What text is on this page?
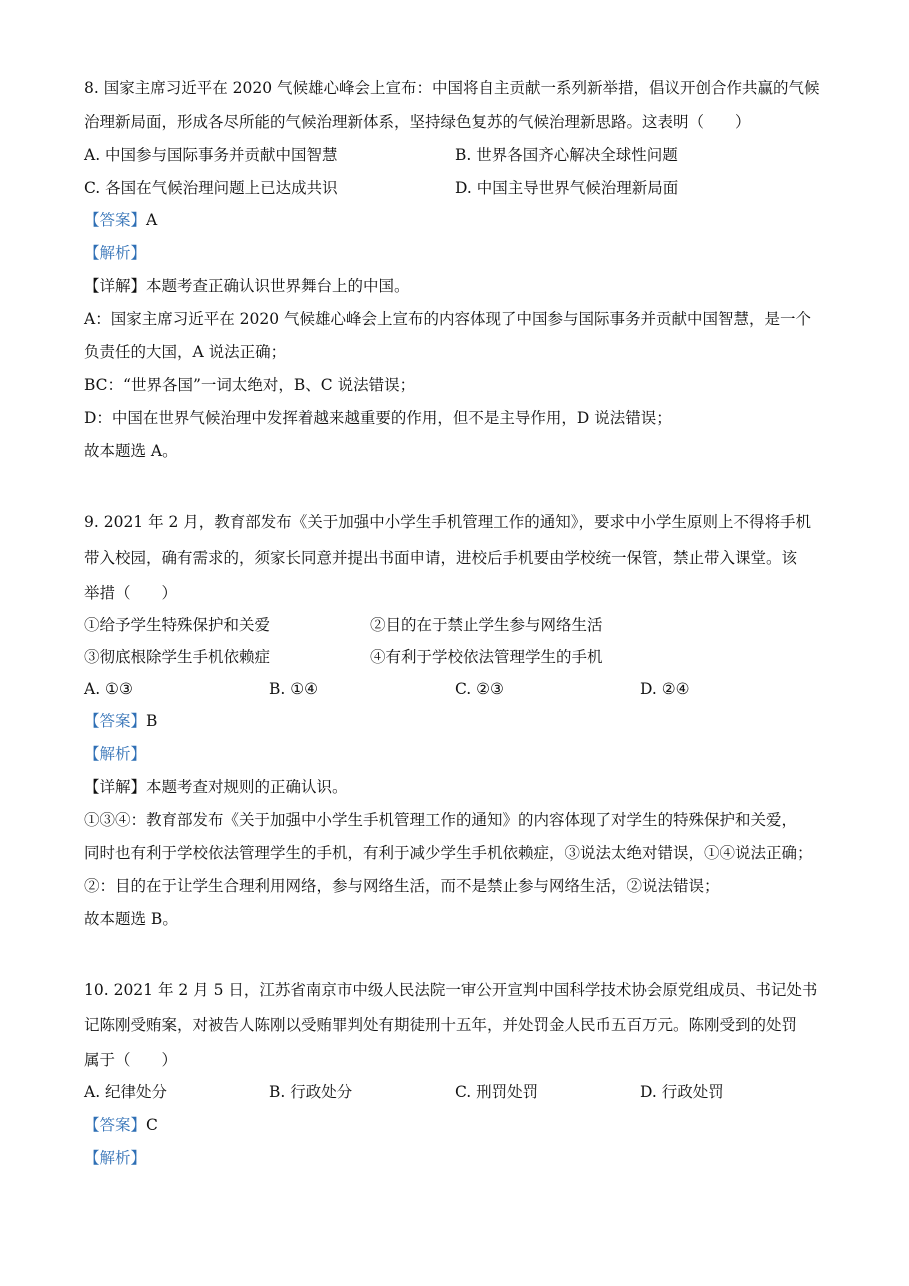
8. 国家主席习近平在 2020 气候雄心峰会上宣布：中国将自主贡献一系列新举措，倡议开创合作共赢的气候
治理新局面，形成各尽所能的气候治理新体系，坚持绿色复苏的气候治理新思路。这表明（　　）
A. 中国参与国际事务并贡献中国智慧	B. 世界各国齐心解决全球性问题
C. 各国在气候治理问题上已达成共识	D. 中国主导世界气候治理新局面
【答案】A
【解析】
【详解】本题考查正确认识世界舞台上的中国。
A：国家主席习近平在 2020 气候雄心峰会上宣布的内容体现了中国参与国际事务并贡献中国智慧，是一个
负责任的大国，A 说法正确；
BC：“世界各国”一词太绝对，B、C 说法错误；
D：中国在世界气候治理中发挥着越来越重要的作用，但不是主导作用，D 说法错误；
故本题选 A。
9. 2021 年 2 月，教育部发布《关于加强中小学生手机管理工作的通知》，要求中小学生原则上不得将手机
带入校园，确有需求的，须家长同意并提出书面申请，进校后手机要由学校统一保管，禁止带入课堂。该
举措（　　）
①给予学生特殊保护和关爱	②目的在于禁止学生参与网络生活
③彻底根除学生手机依赖症	④有利于学校依法管理学生的手机
A. ①③	B. ①④	C. ②③	D. ②④
【答案】B
【解析】
【详解】本题考查对规则的正确认识。
①③④：教育部发布《关于加强中小学生手机管理工作的通知》的内容体现了对学生的特殊保护和关爱，
同时也有利于学校依法管理学生的手机，有利于减少学生手机依赖症，③说法太绝对错误，①④说法正确；
②：目的在于让学生合理利用网络，参与网络生活，而不是禁止参与网络生活，②说法错误；
故本题选 B。
10. 2021 年 2 月 5 日，江苏省南京市中级人民法院一审公开宣判中国科学技术协会原党组成员、书记处书
记陈刚受贿案，对被告人陈刚以受贿罪判处有期徒刑十五年，并处罚金人民币五百万元。陈刚受到的处罚
属于（　　）
A. 纪律处分	B. 行政处分	C. 刑罚处罚	D. 行政处罚
【答案】C
【解析】
